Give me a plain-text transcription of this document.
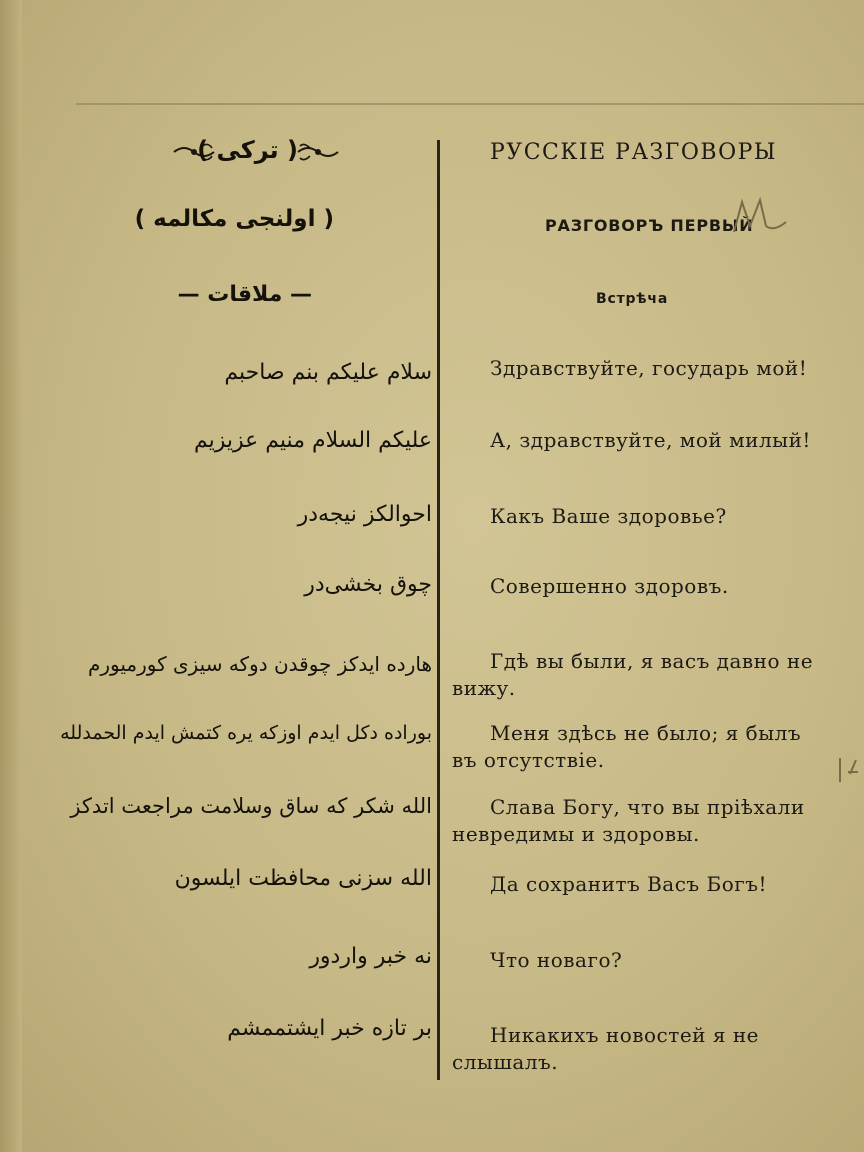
( ترکی )
( اولنجی مکالمه )
— ملاقات —
سلام علیکم بنم صاحبم
علیکم السلام منیم عزیزیم
احوالکز نیجه‌در
چوق بخشی‌در
هارده ایدکز چوقدن دوکه سیزی کورمیورم
بوراده دکل ایدم اوزکه یره کتمش ایدم الحمدلله
الله شکر که ساق وسلامت مراجعت اتدکز
الله سزنی محافظت ایلسون
نه خبر واردور
بر تازه خبر ایشتممشم
РУССКІЕ РАЗГОВОРЫ
РАЗГОВОРЪ ПЕРВЫЙ
Встрѣча
Здравствуйте, государь мой!
А, здравствуйте, мой милый!
Какъ Ваше здоровье?
Совершенно здоровъ.
Гдѣ вы были, я васъ давно не вижу.
Меня здѣсь не было; я былъ въ отсутствіе.
Слава Богу, что вы пріѣхали невредимы и здоровы.
Да сохранитъ Васъ Богъ!
Что новаго?
Никакихъ новостей я не слышалъ.
